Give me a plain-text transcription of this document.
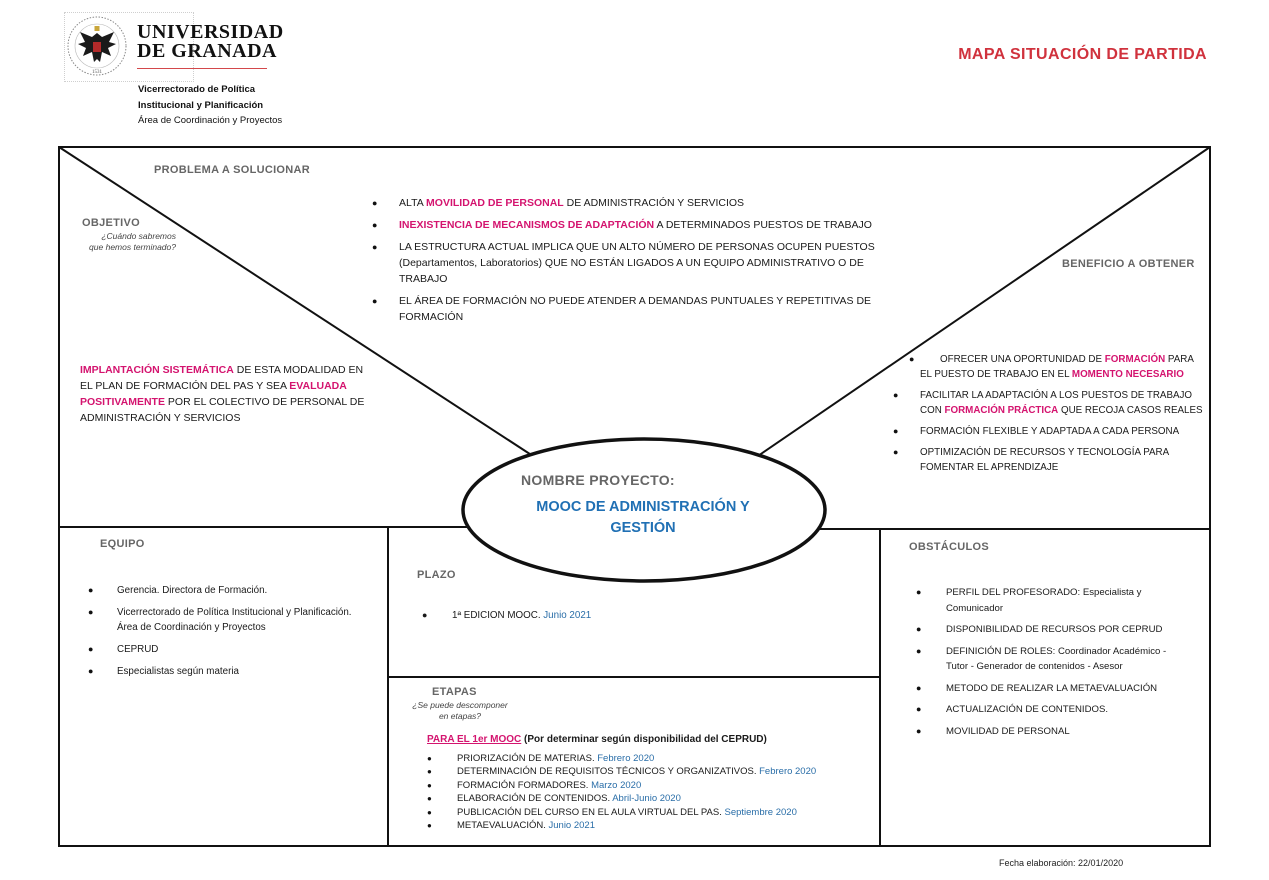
1531
UNIVERSIDAD
DE GRANADA
Vicerrectorado de Política
Institucional y Planificación
Área de Coordinación y Proyectos
MAPA SITUACIÓN DE PARTIDA
PROBLEMA A SOLUCIONAR
● ALTA MOVILIDAD DE PERSONAL DE ADMINISTRACIÓN Y SERVICIOS
● INEXISTENCIA DE MECANISMOS DE ADAPTACIÓN A DETERMINADOS PUESTOS DE TRABAJO
● LA ESTRUCTURA ACTUAL IMPLICA QUE UN ALTO NÚMERO DE PERSONAS OCUPEN PUESTOS (Departamentos, Laboratorios) QUE NO ESTÁN LIGADOS A UN EQUIPO ADMINISTRATIVO O DE TRABAJO
● EL ÁREA DE FORMACIÓN NO PUEDE ATENDER A DEMANDAS PUNTUALES Y REPETITIVAS DE FORMACIÓN
OBJETIVO
¿Cuándo sabremos
que hemos terminado?
IMPLANTACIÓN SISTEMÁTICA DE ESTA MODALIDAD EN EL PLAN DE FORMACIÓN DEL PAS Y SEA EVALUADA POSITIVAMENTE POR EL COLECTIVO DE PERSONAL DE ADMINISTRACIÓN Y SERVICIOS
BENEFICIO A OBTENER
●	OFRECER UNA OPORTUNIDAD DE FORMACIÓN PARA EL PUESTO DE TRABAJO EN EL MOMENTO NECESARIO
● FACILITAR LA ADAPTACIÓN A LOS PUESTOS DE TRABAJO CON FORMACIÓN PRÁCTICA QUE RECOJA CASOS REALES
● FORMACIÓN FLEXIBLE Y ADAPTADA A CADA PERSONA
● OPTIMIZACIÓN DE RECURSOS Y TECNOLOGÍA PARA FOMENTAR EL APRENDIZAJE
NOMBRE PROYECTO:
MOOC DE ADMINISTRACIÓN Y
GESTIÓN
EQUIPO
● Gerencia. Directora de Formación.
● Vicerrectorado de Política Institucional y Planificación. Área de Coordinación y Proyectos
● CEPRUD
● Especialistas según materia
PLAZO
●	1ª EDICION MOOC. Junio 2021
ETAPAS
¿Se puede descomponer
en etapas?
PARA EL 1er MOOC (Por determinar según disponibilidad del CEPRUD)
●	PRIORIZACIÓN DE MATERIAS. Febrero 2020
●	DETERMINACIÓN DE REQUISITOS TÉCNICOS Y ORGANIZATIVOS. Febrero 2020
●	FORMACIÓN FORMADORES. Marzo 2020
●	ELABORACIÓN DE CONTENIDOS. Abril-Junio 2020
●	PUBLICACIÓN DEL CURSO EN EL AULA VIRTUAL DEL PAS. Septiembre 2020
●	METAEVALUACIÓN. Junio 2021
OBSTÁCULOS
●	PERFIL DEL PROFESORADO: Especialista y Comunicador
●	DISPONIBILIDAD DE RECURSOS POR CEPRUD
●	DEFINICIÓN DE ROLES: Coordinador Académico - Tutor - Generador de contenidos - Asesor
●	METODO DE REALIZAR LA METAEVALUACIÓN
●	ACTUALIZACIÓN DE CONTENIDOS.
●	MOVILIDAD DE PERSONAL
Fecha elaboración: 22/01/2020
